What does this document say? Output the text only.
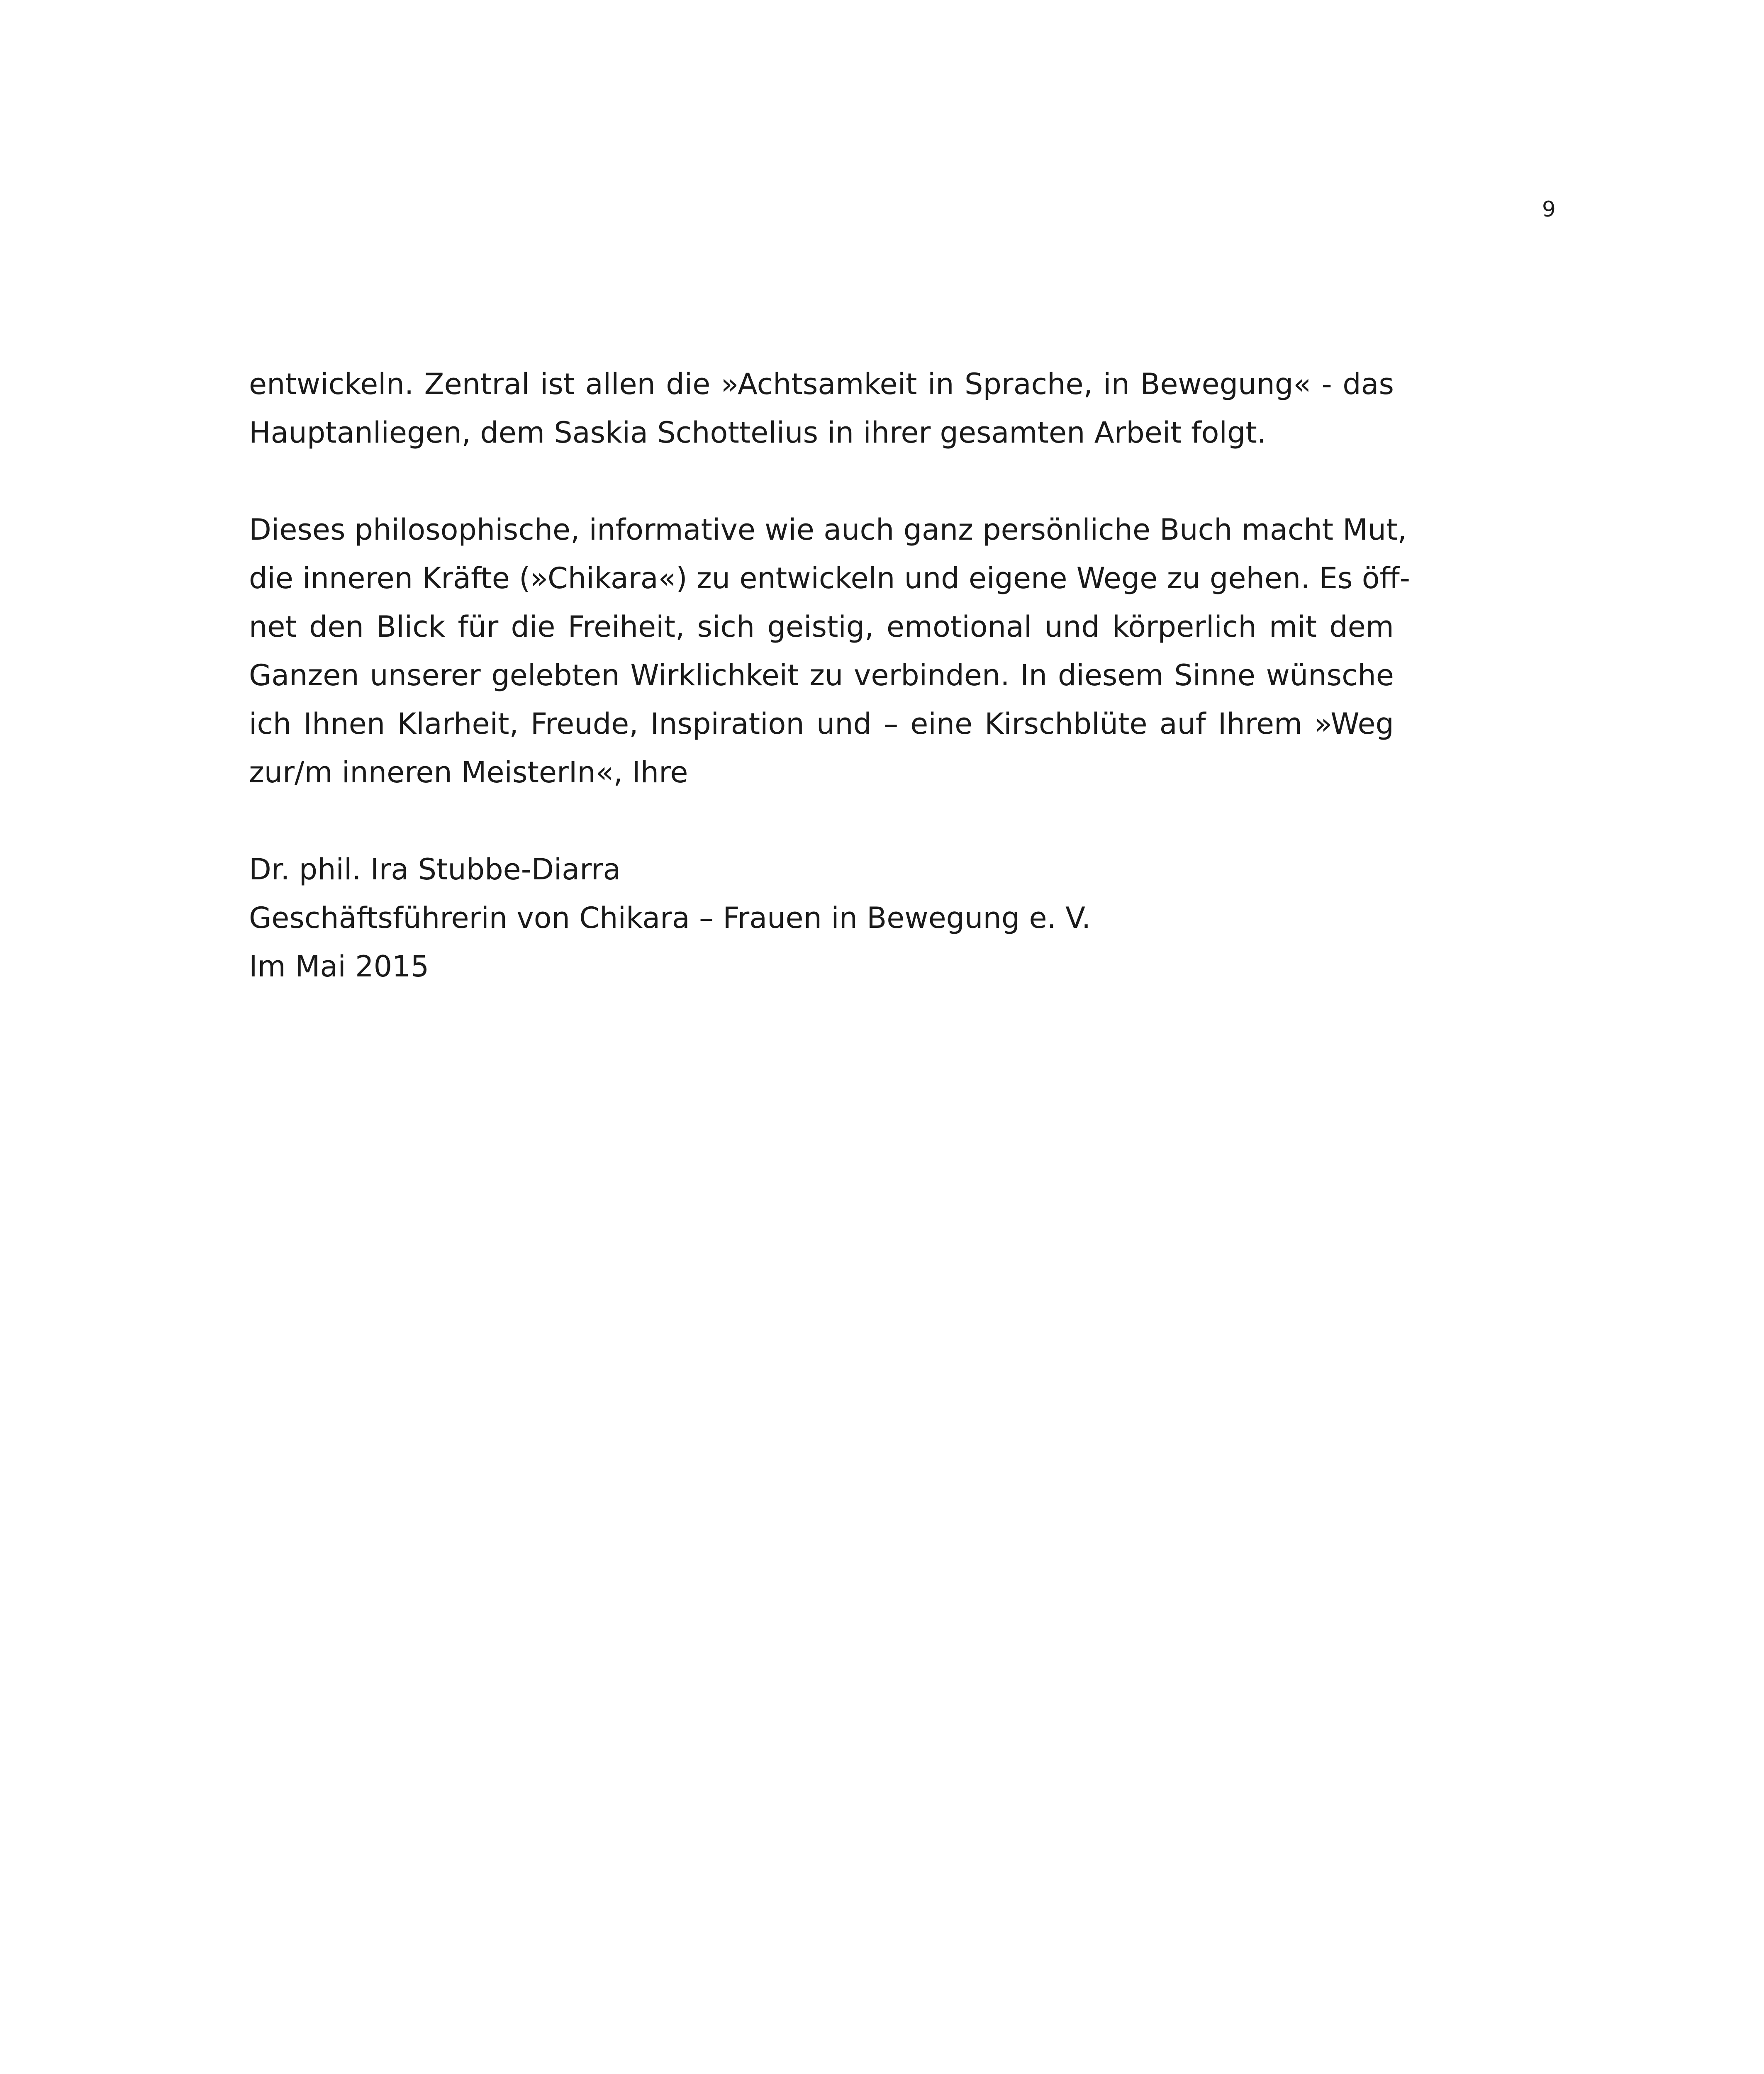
9
entwickeln. Zentral ist allen die »Achtsamkeit in Sprache, in Bewegung« - das
Hauptanliegen, dem Saskia Schottelius in ihrer gesamten Arbeit folgt.
Dieses philosophische, informative wie auch ganz persönliche Buch macht Mut,
die inneren Kräfte (»Chikara«) zu entwickeln und eigene Wege zu gehen. Es öff-
net den Blick für die Freiheit, sich geistig, emotional und körperlich mit dem
Ganzen unserer gelebten Wirklichkeit zu verbinden. In diesem Sinne wünsche
ich Ihnen Klarheit, Freude, Inspiration und – eine Kirschblüte auf Ihrem »Weg
zur/m inneren MeisterIn«, Ihre
Dr. phil. Ira Stubbe-Diarra
Geschäftsführerin von Chikara – Frauen in Bewegung e. V.
Im Mai 2015
